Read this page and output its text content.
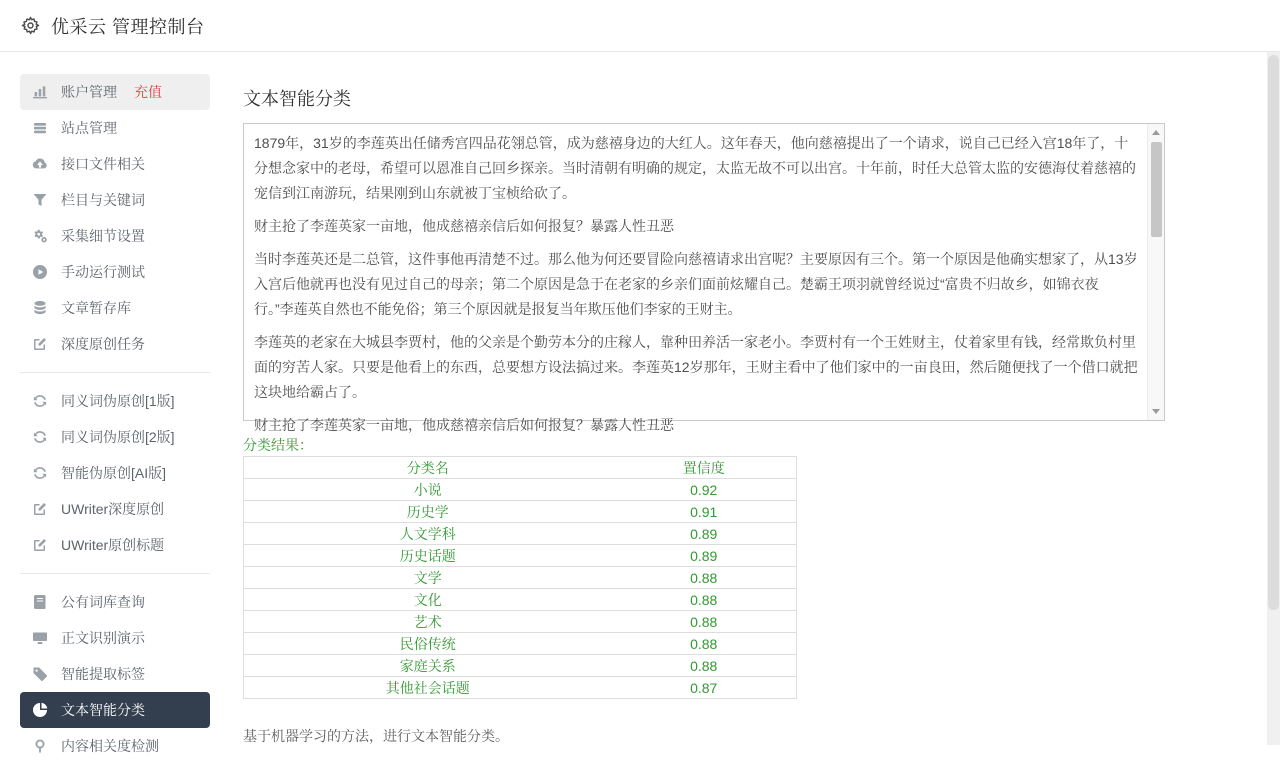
优采云 管理控制台
账户管理 充值
站点管理
接口文件相关
栏目与关键词
采集细节设置
手动运行测试
文章暂存库
深度原创任务
同义词伪原创[1版]
同义词伪原创[2版]
智能伪原创[AI版]
UWriter深度原创
UWriter原创标题
公有词库查询
正文识别演示
智能提取标签
文本智能分类
内容相关度检测
文本智能分类

1879年，31岁的李莲英出任储秀宫四品花翎总管，成为慈禧身边的大红人。这年春天，他向慈禧提出了一个请求，说自己已经入宫18年了，十分想念家中的老母，希望可以恩准自己回乡探亲。当时清朝有明确的规定，太监无故不可以出宫。十年前，时任大总管太监的安德海仗着慈禧的宠信到江南游玩，结果刚到山东就被丁宝桢给砍了。

财主抢了李莲英家一亩地，他成慈禧亲信后如何报复？暴露人性丑恶

当时李莲英还是二总管，这件事他再清楚不过。那么他为何还要冒险向慈禧请求出宫呢？主要原因有三个。第一个原因是他确实想家了，从13岁入宫后他就再也没有见过自己的母亲；第二个原因是急于在老家的乡亲们面前炫耀自己。楚霸王项羽就曾经说过“富贵不归故乡，如锦衣夜行。”李莲英自然也不能免俗；第三个原因就是报复当年欺压他们李家的王财主。

李莲英的老家在大城县李贾村，他的父亲是个勤劳本分的庄稼人，靠种田养活一家老小。李贾村有一个王姓财主，仗着家里有钱，经常欺负村里面的穷苦人家。只要是他看上的东西，总要想方设法搞过来。李莲英12岁那年，王财主看中了他们家中的一亩良田，然后随便找了一个借口就把这块地给霸占了。

财主抢了李莲英家一亩地，他成慈禧亲信后如何报复？暴露人性丑恶

分类结果：
分类名	置信度
小说	0.92
历史学	0.91
人文学科	0.89
历史话题	0.89
文学	0.88
文化	0.88
艺术	0.88
民俗传统	0.88
家庭关系	0.88
其他社会话题	0.87
基于机器学习的方法，进行文本智能分类。
